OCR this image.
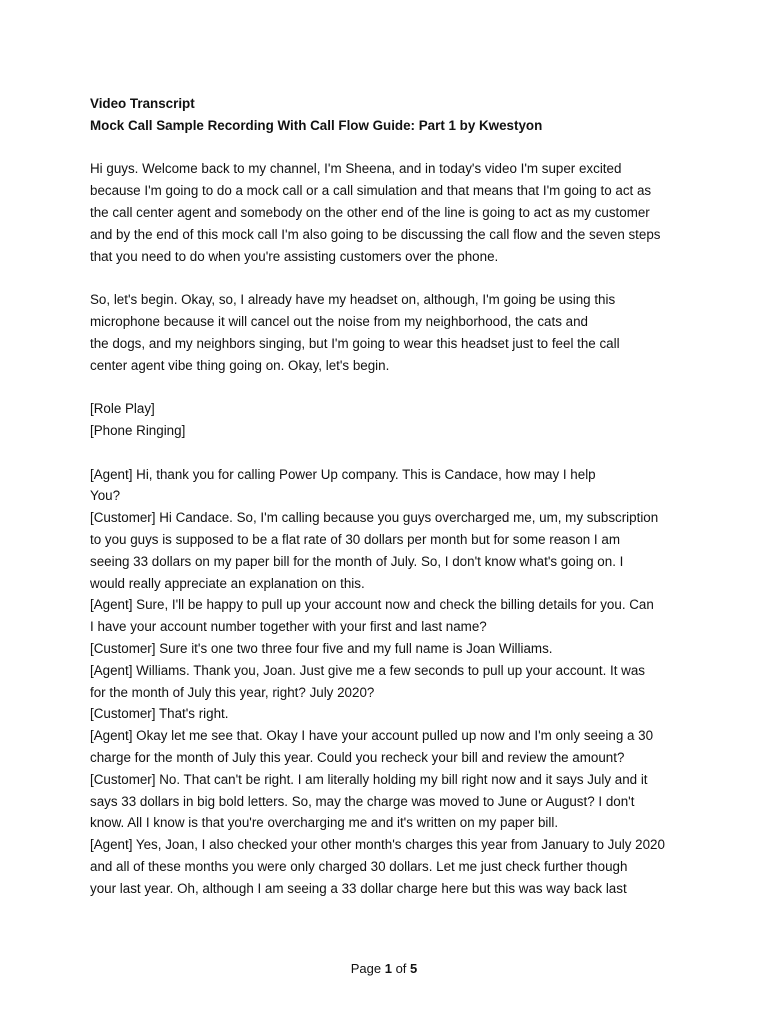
Video Transcript
Mock Call Sample Recording With Call Flow Guide: Part 1 by Kwestyon
Hi guys. Welcome back to my channel, I'm Sheena, and in today's video I'm super excited
because I'm going to do a mock call or a call simulation and that means that I'm going to act as
the call center agent and somebody on the other end of the line is going to act as my customer
and by the end of this mock call I'm also going to be discussing the call flow and the seven steps
that you need to do when you're assisting customers over the phone.
So, let's begin. Okay, so, I already have my headset on, although, I'm going be using this
microphone because it will cancel out the noise from my neighborhood, the cats and
the dogs, and my neighbors singing, but I'm going to wear this headset just to feel the call
center agent vibe thing going on. Okay, let's begin.
[Role Play]
[Phone Ringing]
[Agent] Hi, thank you for calling Power Up company. This is Candace, how may I help
You?
[Customer] Hi Candace. So, I'm calling because you guys overcharged me, um, my subscription
to you guys is supposed to be a flat rate of 30 dollars per month but for some reason I am
seeing 33 dollars on my paper bill for the month of July. So, I don't know what's going on. I
would really appreciate an explanation on this.
[Agent] Sure, I'll be happy to pull up your account now and check the billing details for you. Can
I have your account number together with your first and last name?
[Customer] Sure it's one two three four five and my full name is Joan Williams.
[Agent] Williams. Thank you, Joan. Just give me a few seconds to pull up your account. It was
for the month of July this year, right? July 2020?
[Customer] That's right.
[Agent] Okay let me see that. Okay I have your account pulled up now and I'm only seeing a 30
charge for the month of July this year. Could you recheck your bill and review the amount?
[Customer] No. That can't be right. I am literally holding my bill right now and it says July and it
says 33 dollars in big bold letters. So, may the charge was moved to June or August? I don't
know. All I know is that you're overcharging me and it's written on my paper bill.
[Agent] Yes, Joan, I also checked your other month's charges this year from January to July 2020
and all of these months you were only charged 30 dollars. Let me just check further though
your last year. Oh, although I am seeing a 33 dollar charge here but this was way back last
Page 1 of 5
